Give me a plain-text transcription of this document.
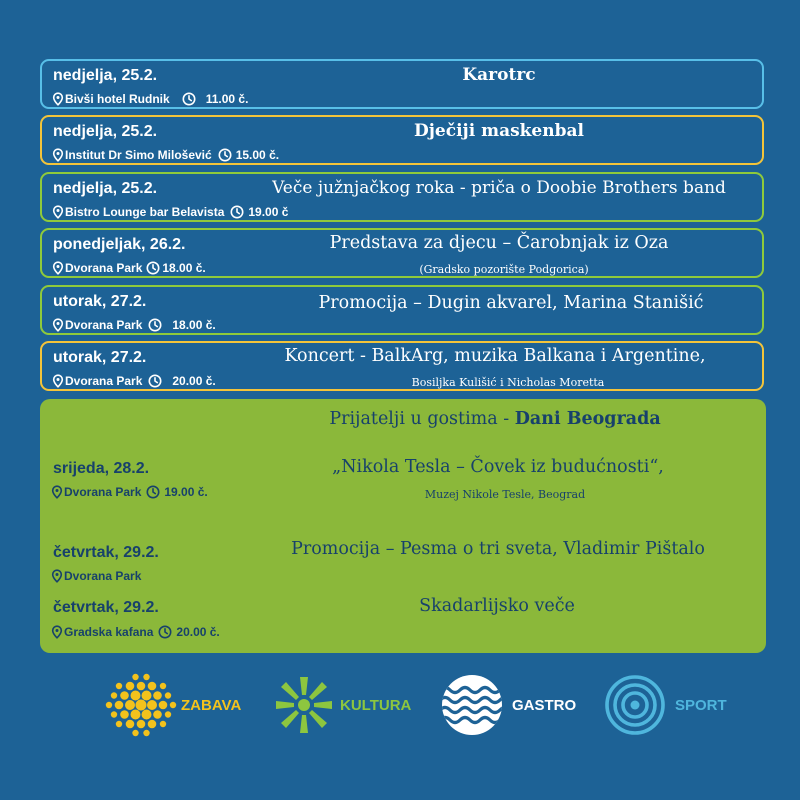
nedjelja, 25.2.
Bivši hotel Rudnik	11.00 č.
Karotrc
nedjelja, 25.2.
Institut Dr Simo Milošević 15.00 č.
Dječiji maskenbal
nedjelja, 25.2.
Bistro Lounge bar Belavista 19.00 č
Veče južnjačkog roka - priča o Doobie Brothers band
ponedjeljak, 26.2.
Dvorana Park 18.00 č.
Predstava za djecu – Čarobnjak iz Oza
(Gradsko pozorište Podgorica)
utorak, 27.2.
Dvorana Park	18.00 č.
Promocija – Dugin akvarel, Marina Stanišić
utorak, 27.2.
Dvorana Park	20.00 č.
Koncert - BalkArg, muzika Balkana i Argentine,
Bosiljka Kulišić i Nicholas Moretta
Prijatelji u gostima - Dani Beograda
srijeda, 28.2.
Dvorana Park 19.00 č.
„Nikola Tesla – Čovek iz budućnosti“,
Muzej Nikole Tesle, Beograd
četvrtak, 29.2.
Dvorana Park
Promocija – Pesma o tri sveta, Vladimir Pištalo
četvrtak, 29.2.
Gradska kafana 20.00 č.
Skadarlijsko veče
ZABAVA	KULTURA	GASTRO	SPORT
